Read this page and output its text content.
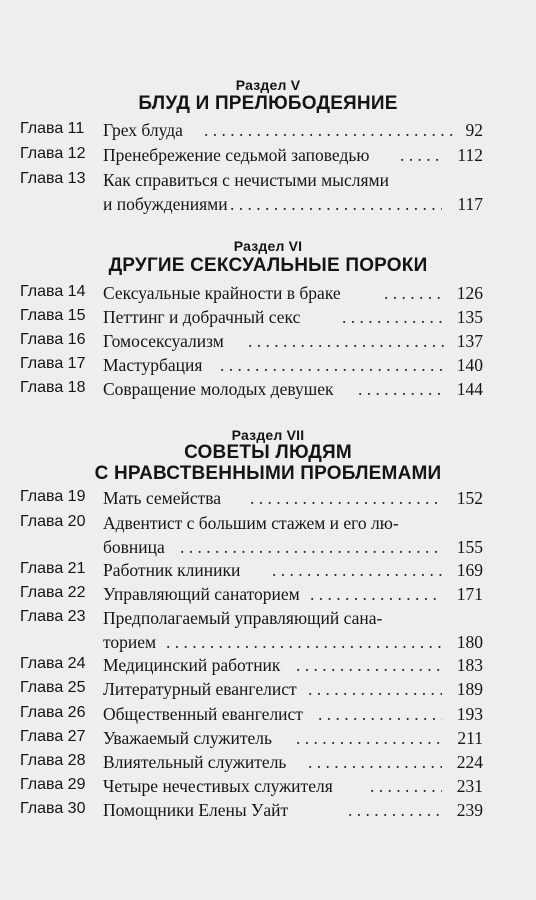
Раздел V
БЛУД И ПРЕЛЮБОДЕЯНИЕ
Глава 11 Грех блуда . . .	92
Глава 12 Пренебрежение седьмой заповедью . . .	112
Глава 13 Как справиться с нечистыми мыслями
и побуждениями . . .	117
Раздел VI
ДРУГИЕ СЕКСУАЛЬНЫЕ ПОРОКИ
Глава 14 Сексуальные крайности в браке . . .	126
Глава 15 Петтинг и добрачный секс . . .	135
Глава 16 Гомосексуализм . . .	137
Глава 17 Мастурбация . . .	140
Глава 18 Совращение молодых девушек . . .	144
Раздел VII
СОВЕТЫ ЛЮДЯМ
С НРАВСТВЕННЫМИ ПРОБЛЕМАМИ
Глава 19 Мать семейства . . .	152
Глава 20 Адвентист с большим стажем и его лю-
бовница . . .	155
Глава 21 Работник клиники . . .	169
Глава 22 Управляющий санаторием . . .	171
Глава 23 Предполагаемый управляющий сана-
торием . . .	180
Глава 24 Медицинский работник . . .	183
Глава 25 Литературный евангелист . . .	189
Глава 26 Общественный евангелист . . .	193
Глава 27 Уважаемый служитель . . .	211
Глава 28 Влиятельный служитель . . .	224
Глава 29 Четыре нечестивых служителя . . .	231
Глава 30 Помощники Елены Уайт . . .	239
